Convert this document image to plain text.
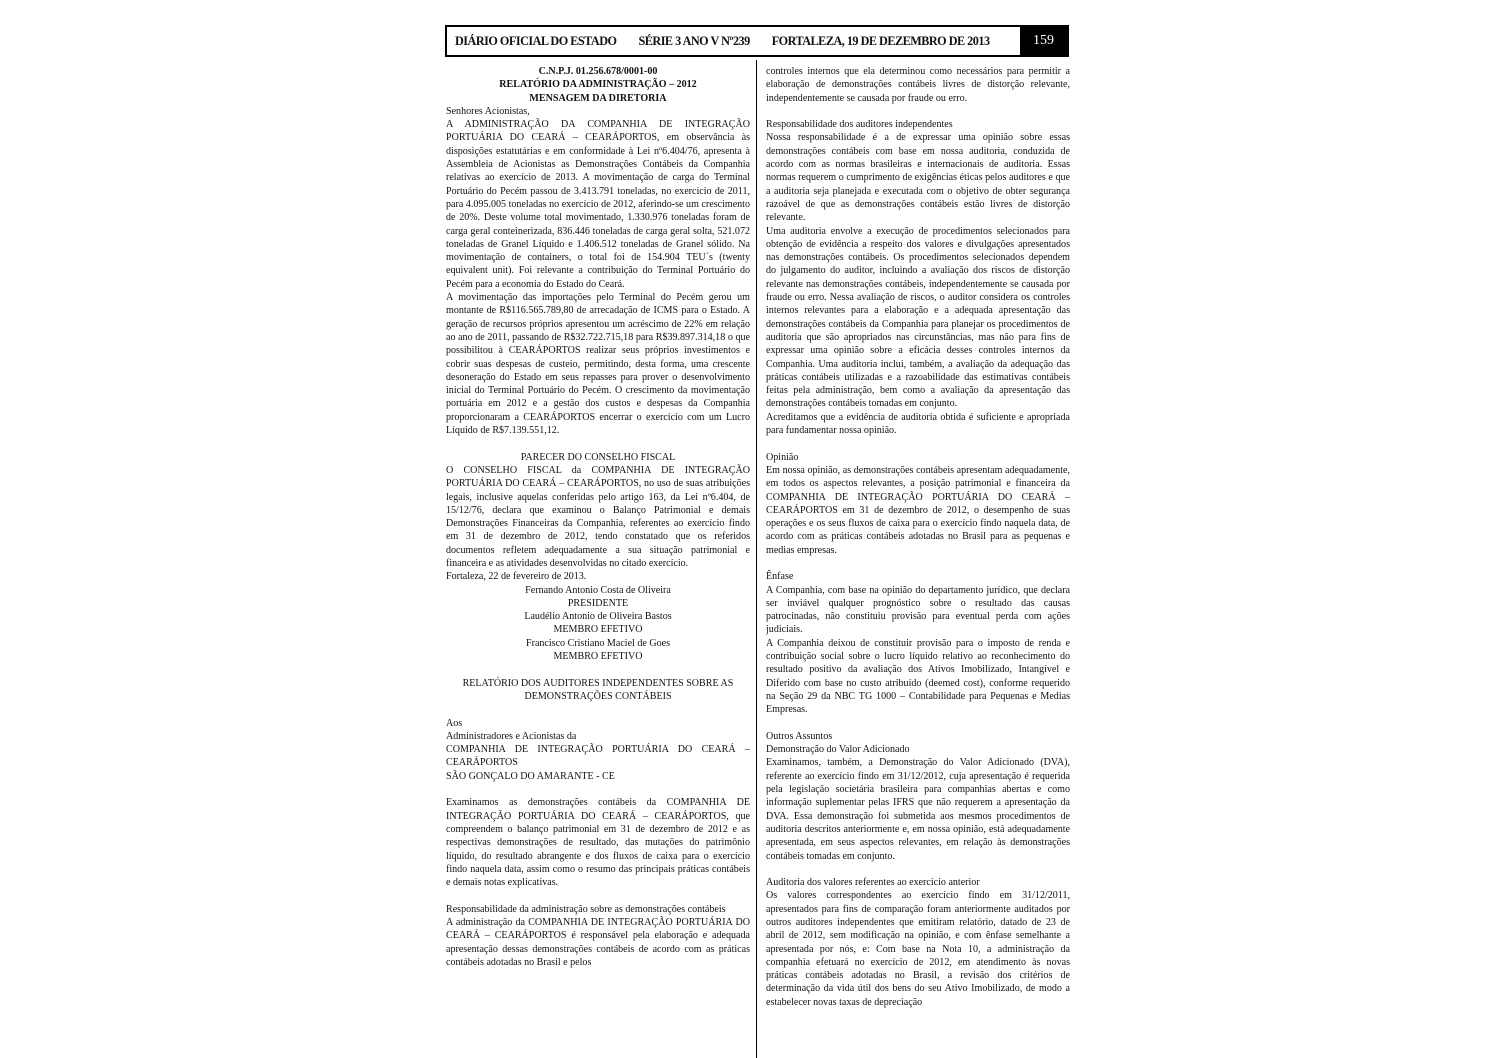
DIÁRIO OFICIAL DO ESTADO SÉRIE 3 ANO V Nº239 FORTALEZA, 19 DE DEZEMBRO DE 2013	159

C.N.P.J. 01.256.678/0001-00

RELATÓRIO DA ADMINISTRAÇÃO – 2012

MENSAGEM DA DIRETORIA

Senhores Acionistas,

A ADMINISTRAÇÃO DA COMPANHIA DE INTEGRAÇÃO PORTUÁRIA DO CEARÁ – CEARÁPORTOS, em observância às disposições estatutárias e em conformidade à Lei nº6.404/76, apresenta à Assembleia de Acionistas as Demonstrações Contábeis da Companhia relativas ao exercício de 2013. A movimentação de carga do Terminal Portuário do Pecém passou de 3.413.791 toneladas, no exercício de 2011, para 4.095.005 toneladas no exercício de 2012, aferindo-se um crescimento de 20%. Deste volume total movimentado, 1.330.976 toneladas foram de carga geral conteinerizada, 836.446 toneladas de carga geral solta, 521.072 toneladas de Granel Líquido e 1.406.512 toneladas de Granel sólido. Na movimentação de containers, o total foi de 154.904 TEU´s (twenty equivalent unit). Foi relevante a contribuição do Terminal Portuário do Pecém para a economia do Estado do Ceará.

A movimentação das importações pelo Terminal do Pecém gerou um montante de R$116.565.789,80 de arrecadação de ICMS para o Estado. A geração de recursos próprios apresentou um acréscimo de 22% em relação ao ano de 2011, passando de R$32.722.715,18 para R$39.897.314,18 o que possibilitou à CEARÁPORTOS realizar seus próprios investimentos e cobrir suas despesas de custeio, permitindo, desta forma, uma crescente desoneração do Estado em seus repasses para prover o desenvolvimento inicial do Terminal Portuário do Pecém. O crescimento da movimentação portuária em 2012 e a gestão dos custos e despesas da Companhia proporcionaram a CEARÁPORTOS encerrar o exercício com um Lucro Líquido de R$7.139.551,12.

PARECER DO CONSELHO FISCAL

O CONSELHO FISCAL da COMPANHIA DE INTEGRAÇÃO PORTUÁRIA DO CEARÁ – CEARÁPORTOS, no uso de suas atribuições legais, inclusive aquelas conferidas pelo artigo 163, da Lei nº6.404, de 15/12/76, declara que examinou o Balanço Patrimonial e demais Demonstrações Financeiras da Companhia, referentes ao exercício findo em 31 de dezembro de 2012, tendo constatado que os referidos documentos refletem adequadamente a sua situação patrimonial e financeira e as atividades desenvolvidas no citado exercício.

Fortaleza, 22 de fevereiro de 2013.

Fernando Antonio Costa de Oliveira

PRESIDENTE

Laudélio Antonio de Oliveira Bastos

MEMBRO EFETIVO

Francisco Cristiano Maciel de Goes

MEMBRO EFETIVO

RELATÓRIO DOS AUDITORES INDEPENDENTES SOBRE AS DEMONSTRAÇÕES CONTÁBEIS

Aos

Administradores e Acionistas da

COMPANHIA DE INTEGRAÇÃO PORTUÁRIA DO CEARÁ – CEARÁPORTOS

SÃO GONÇALO DO AMARANTE - CE

Examinamos as demonstrações contábeis da COMPANHIA DE INTEGRAÇÃO PORTUÁRIA DO CEARÁ – CEARÁPORTOS, que compreendem o balanço patrimonial em 31 de dezembro de 2012 e as respectivas demonstrações de resultado, das mutações do patrimônio líquido, do resultado abrangente e dos fluxos de caixa para o exercício findo naquela data, assim como o resumo das principais práticas contábeis e demais notas explicativas.

Responsabilidade da administração sobre as demonstrações contábeis

A administração da COMPANHIA DE INTEGRAÇÃO PORTUÁRIA DO CEARÁ – CEARÁPORTOS é responsável pela elaboração e adequada apresentação dessas demonstrações contábeis de acordo com as práticas contábeis adotadas no Brasil e pelos

controles internos que ela determinou como necessários para permitir a elaboração de demonstrações contábeis livres de distorção relevante, independentemente se causada por fraude ou erro.

Responsabilidade dos auditores independentes

Nossa responsabilidade é a de expressar uma opinião sobre essas demonstrações contábeis com base em nossa auditoria, conduzida de acordo com as normas brasileiras e internacionais de auditoria. Essas normas requerem o cumprimento de exigências éticas pelos auditores e que a auditoria seja planejada e executada com o objetivo de obter segurança razoável de que as demonstrações contábeis estão livres de distorção relevante.

Uma auditoria envolve a execução de procedimentos selecionados para obtenção de evidência a respeito dos valores e divulgações apresentados nas demonstrações contábeis. Os procedimentos selecionados dependem do julgamento do auditor, incluindo a avaliação dos riscos de distorção relevante nas demonstrações contábeis, independentemente se causada por fraude ou erro. Nessa avaliação de riscos, o auditor considera os controles internos relevantes para a elaboração e a adequada apresentação das demonstrações contábeis da Companhia para planejar os procedimentos de auditoria que são apropriados nas circunstâncias, mas não para fins de expressar uma opinião sobre a eficácia desses controles internos da Companhia. Uma auditoria inclui, também, a avaliação da adequação das práticas contábeis utilizadas e a razoabilidade das estimativas contábeis feitas pela administração, bem como a avaliação da apresentação das demonstrações contábeis tomadas em conjunto.

Acreditamos que a evidência de auditoria obtida é suficiente e apropriada para fundamentar nossa opinião.

Opinião

Em nossa opinião, as demonstrações contábeis apresentam adequadamente, em todos os aspectos relevantes, a posição patrimonial e financeira da COMPANHIA DE INTEGRAÇÃO PORTUÁRIA DO CEARÁ – CEARÁPORTOS em 31 de dezembro de 2012, o desempenho de suas operações e os seus fluxos de caixa para o exercício findo naquela data, de acordo com as práticas contábeis adotadas no Brasil para as pequenas e medias empresas.

Ênfase

A Companhia, com base na opinião do departamento jurídico, que declara ser inviável qualquer prognóstico sobre o resultado das causas patrocinadas, não constituiu provisão para eventual perda com ações judiciais.

A Companhia deixou de constituir provisão para o imposto de renda e contribuição social sobre o lucro líquido relativo ao reconhecimento do resultado positivo da avaliação dos Ativos Imobilizado, Intangível e Diferido com base no custo atribuído (deemed cost), conforme requerido na Seção 29 da NBC TG 1000 – Contabilidade para Pequenas e Medias Empresas.

Outros Assuntos

Demonstração do Valor Adicionado

Examinamos, também, a Demonstração do Valor Adicionado (DVA), referente ao exercício findo em 31/12/2012, cuja apresentação é requerida pela legislação societária brasileira para companhias abertas e como informação suplementar pelas IFRS que não requerem a apresentação da DVA. Essa demonstração foi submetida aos mesmos procedimentos de auditoria descritos anteriormente e, em nossa opinião, está adequadamente apresentada, em seus aspectos relevantes, em relação às demonstrações contábeis tomadas em conjunto.

Auditoria dos valores referentes ao exercício anterior

Os valores correspondentes ao exercício findo em 31/12/2011, apresentados para fins de comparação foram anteriormente auditados por outros auditores independentes que emitiram relatório, datado de 23 de abril de 2012, sem modificação na opinião, e com ênfase semelhante a apresentada por nós, e: Com base na Nota 10, a administração da companhia efetuará no exercício de 2012, em atendimento às novas práticas contábeis adotadas no Brasil, a revisão dos critérios de determinação da vida útil dos bens do seu Ativo Imobilizado, de modo a estabelecer novas taxas de depreciação
